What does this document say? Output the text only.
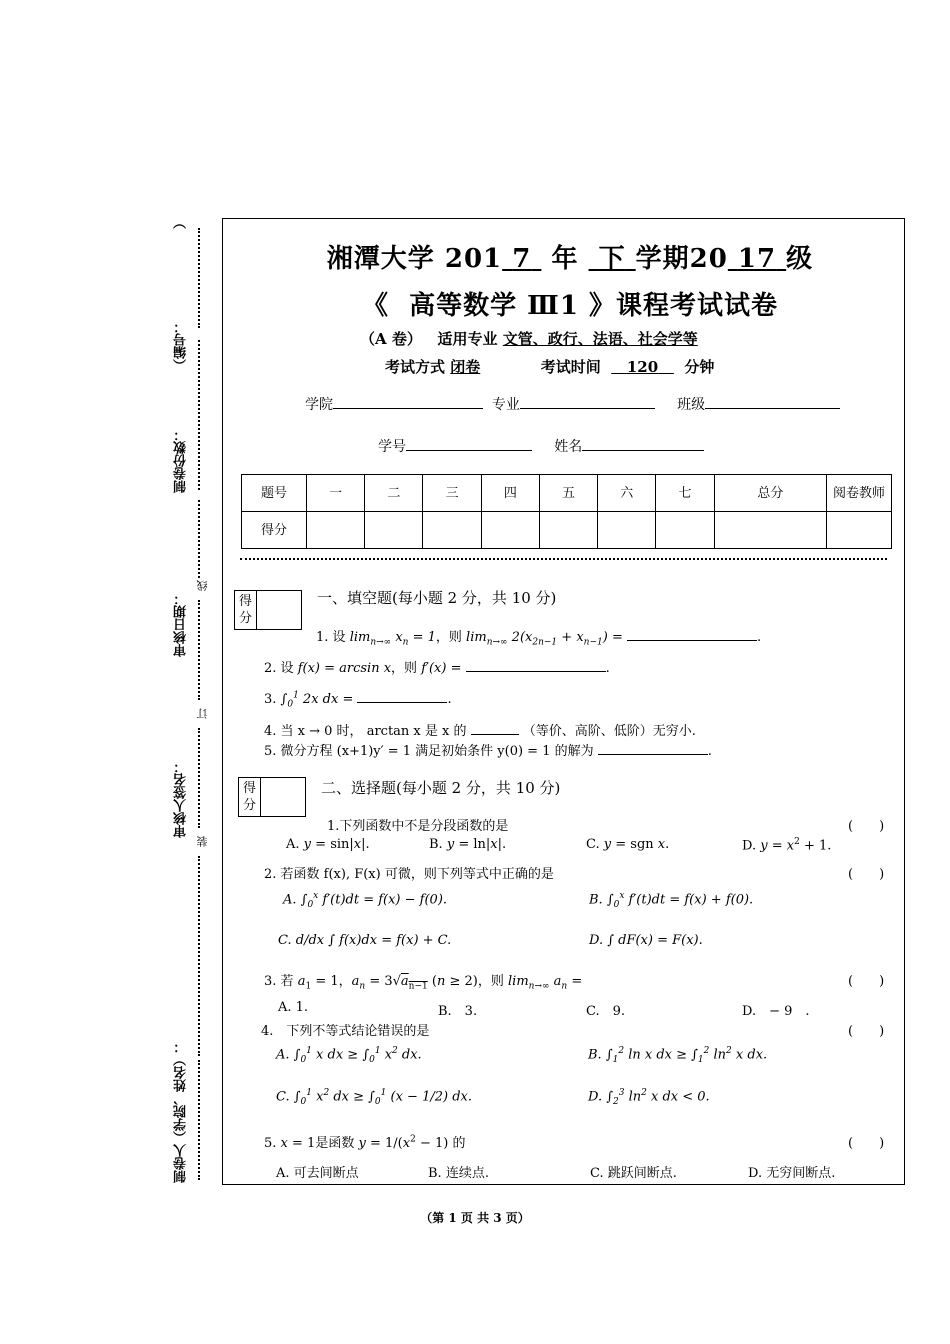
（编号：
）
制卷份数：
审核日期：
线
订
审核人签名：
装
制卷人（学院、姓名）：
湘潭大学 201 7 年 下 学期20 17 级
《 高等数学 Ⅲ1 》课程考试试卷
（A 卷） 适用专业 文管、政行、法语、社会学等
考试方式 闭卷	考试时间 120 分钟
学院	专业	班级
学号	姓名
题号	一	二	三	四	五	六	七	总分	阅卷教师
得分									
得分
一、填空题(每小题 2 分，共 10 分)
1. 设 $\lim_{n\to\infty} x_n = 1$，则 $\lim_{n\to\infty} 2(x_{2n-1} + x_{n-1})$ =	.
2. 设 f(x) = arcsin x，则 f′(x) =	.
3. $\int_0^1$ 2x dx =	.
4. 当 x → 0 时， arctan x 是 x 的	（等价、高阶、低阶）无穷小.
5. 微分方程 (x+1)y′ = 1 满足初始条件 y(0) = 1 的解为	.
得分
二、选择题(每小题 2 分，共 10 分)
1.下列函数中不是分段函数的是	(　　)
A. y = sin|x|.	B. y = ln|x|.	C. y = sgn x.	D. $y = x^2 + 1$.
2. 若函数 f(x), F(x) 可微，则下列等式中正确的是	(　　)
A. $\int_0^x$ f′(t)dt = f(x) − f(0).	B. $\int_0^x$ f′(t)dt = f(x) + f(0).
C. d/dx ∫ f(x)dx = f(x) + C.	D. ∫ dF(x) = F(x).
3. 若 $a_1 = 1$，$a_n = 3√a_{n-1}$ (n ≥ 2)，则 $\lim_{n\to\infty} a_n$ =	(　　)
A. 1.	B.　3.	C.　9.	D.　− 9　.
4.　下列不等式结论错误的是	(　　)
A. $\int_0^1$ x dx ≥ $\int_0^1$ $x^2$ dx.	B. $\int_1^2$ ln x dx ≥ $\int_1^2$ $\ln^2 x$ dx.
C. $\int_0^1$ $x^2$ dx ≥ $\int_0^1$ (x − 1/2) dx.	D. $\int_2^3$ $\ln^2 x$ dx < 0.
5. x = 1是函数 $y = 1/(x^2 - 1)$ 的	(　　)
A. 可去间断点	B. 连续点.	C. 跳跃间断点.	D. 无穷间断点.
（第 1 页 共 3 页）
